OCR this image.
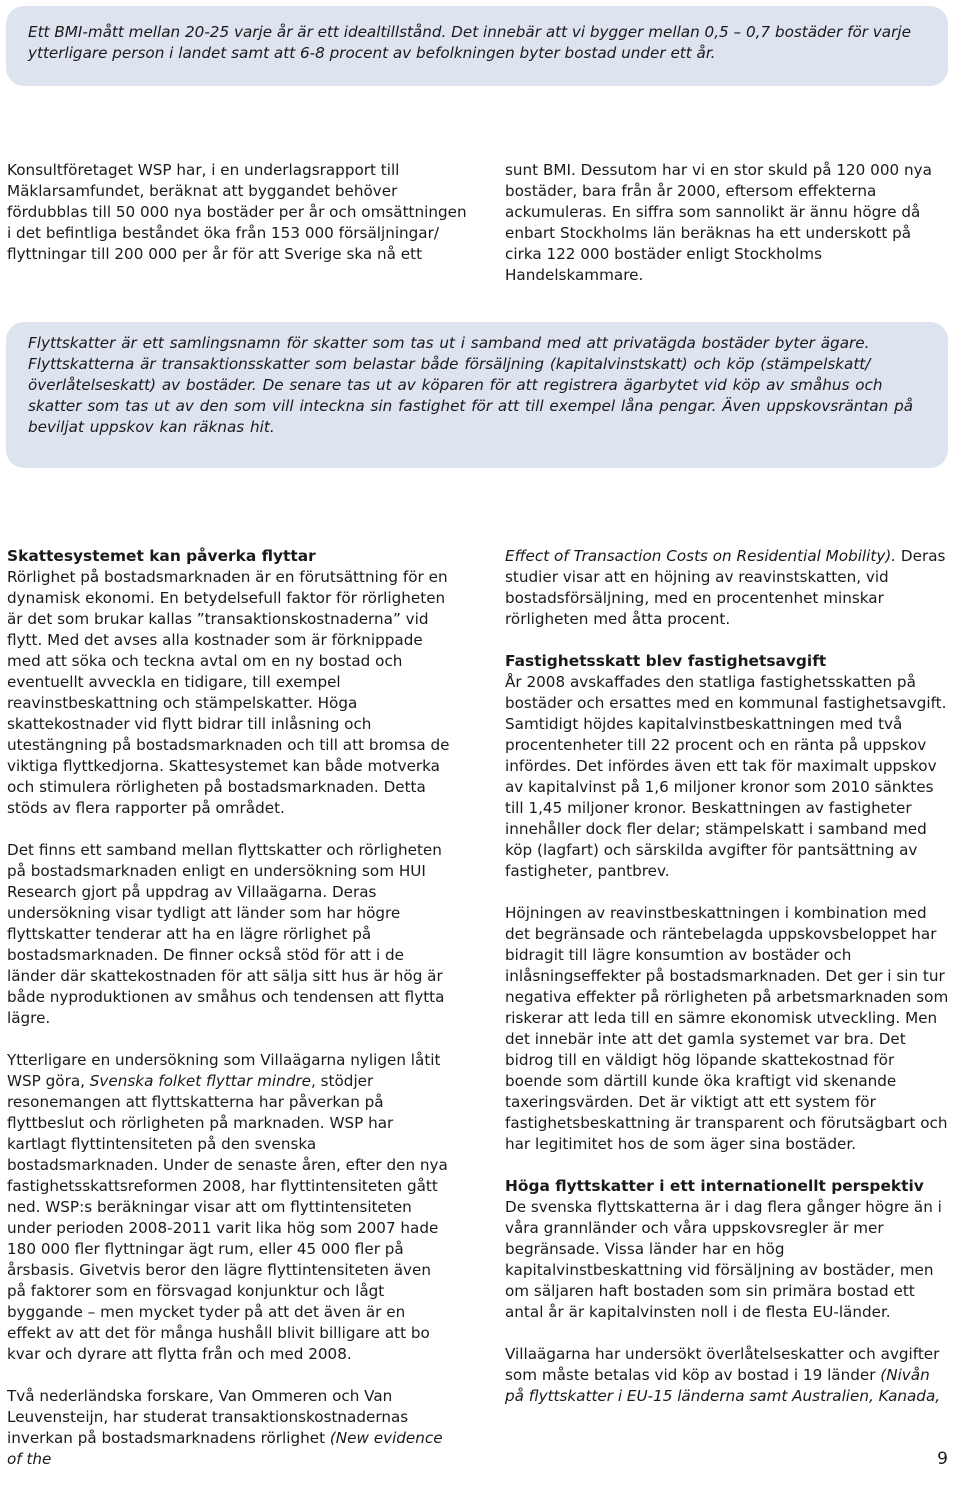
Ett BMI-mått mellan 20-25 varje år är ett idealtillstånd. Det innebär att vi bygger mellan 0,5 – 0,7 bostäder för varje ytterligare person i landet samt att 6-8 procent av befolkningen byter bostad under ett år.

Konsultföretaget WSP har, i en underlagsrapport till Mäklarsamfundet, beräknat att byggandet behöver fördubblas till 50 000 nya bostäder per år och omsättningen i det befintliga beståndet öka från 153 000 försäljningar/ flyttningar till 200 000 per år för att Sverige ska nå ett

sunt BMI. Dessutom har vi en stor skuld på 120 000 nya bostäder, bara från år 2000, eftersom effekterna ackumuleras. En siffra som sannolikt är ännu högre då enbart Stockholms län beräknas ha ett underskott på cirka 122 000 bostäder enligt Stockholms Handelskammare.

Flyttskatter är ett samlingsnamn för skatter som tas ut i samband med att privatägda bostäder byter ägare. Flyttskatterna är transaktionsskatter som belastar både försäljning (kapitalvinstskatt) och köp (stämpelskatt/överlåtelseskatt) av bostäder. De senare tas ut av köparen för att registrera ägarbytet vid köp av småhus och skatter som tas ut av den som vill inteckna sin fastighet för att till exempel låna pengar. Även uppskovsräntan på beviljat uppskov kan räknas hit.

Skattesystemet kan påverka flyttar

Rörlighet på bostadsmarknaden är en förutsättning för en dynamisk ekonomi. En betydelsefull faktor för rörligheten är det som brukar kallas ”transaktionskostnaderna” vid flytt. Med det avses alla kostnader som är förknippade med att söka och teckna avtal om en ny bostad och eventuellt avveckla en tidigare, till exempel reavinstbeskattning och stämpelskatter. Höga skattekostnader vid flytt bidrar till inlåsning och utestängning på bostadsmarknaden och till att bromsa de viktiga flyttkedjorna. Skattesystemet kan både motverka och stimulera rörligheten på bostadsmarknaden. Detta stöds av flera rapporter på området.

Det finns ett samband mellan flyttskatter och rörligheten på bostadsmarknaden enligt en undersökning som HUI Research gjort på uppdrag av Villaägarna. Deras undersökning visar tydligt att länder som har högre flyttskatter tenderar att ha en lägre rörlighet på bostadsmarknaden. De finner också stöd för att i de länder där skattekostnaden för att sälja sitt hus är hög är både nyproduktionen av småhus och tendensen att flytta lägre.

Ytterligare en undersökning som Villaägarna nyligen låtit WSP göra, Svenska folket flyttar mindre, stödjer resonemangen att flyttskatterna har påverkan på flyttbeslut och rörligheten på marknaden. WSP har kartlagt flyttintensiteten på den svenska bostadsmarknaden. Under de senaste åren, efter den nya fastighetsskattsreformen 2008, har flyttintensiteten gått ned. WSP:s beräkningar visar att om flyttintensiteten under perioden 2008-2011 varit lika hög som 2007 hade 180 000 fler flyttningar ägt rum, eller 45 000 fler på årsbasis. Givetvis beror den lägre flyttintensiteten även på faktorer som en försvagad konjunktur och lågt byggande – men mycket tyder på att det även är en effekt av att det för många hushåll blivit billigare att bo kvar och dyrare att flytta från och med 2008.

Två nederländska forskare, Van Ommeren och Van Leuvensteijn, har studerat transaktionskostnadernas inverkan på bostadsmarknadens rörlighet (New evidence of the

Effect of Transaction Costs on Residential Mobility). Deras studier visar att en höjning av reavinstskatten, vid bostadsförsäljning, med en procentenhet minskar rörligheten med åtta procent.

Fastighetsskatt blev fastighetsavgift

År 2008 avskaffades den statliga fastighetsskatten på bostäder och ersattes med en kommunal fastighetsavgift. Samtidigt höjdes kapitalvinstbeskattningen med två procentenheter till 22 procent och en ränta på uppskov infördes. Det infördes även ett tak för maximalt uppskov av kapitalvinst på 1,6 miljoner kronor som 2010 sänktes till 1,45 miljoner kronor. Beskattningen av fastigheter innehåller dock fler delar; stämpelskatt i samband med köp (lagfart) och särskilda avgifter för pantsättning av fastigheter, pantbrev.

Höjningen av reavinstbeskattningen i kombination med det begränsade och räntebelagda uppskovsbeloppet har bidragit till lägre konsumtion av bostäder och inlåsningseffekter på bostadsmarknaden. Det ger i sin tur negativa effekter på rörligheten på arbetsmarknaden som riskerar att leda till en sämre ekonomisk utveckling. Men det innebär inte att det gamla systemet var bra. Det bidrog till en väldigt hög löpande skattekostnad för boende som därtill kunde öka kraftigt vid skenande taxeringsvärden. Det är viktigt att ett system för fastighetsbeskattning är transparent och förutsägbart och har legitimitet hos de som äger sina bostäder.

Höga flyttskatter i ett internationellt perspektiv

De svenska flyttskatterna är i dag flera gånger högre än i våra grannländer och våra uppskovsregler är mer begränsade. Vissa länder har en hög kapitalvinstbeskattning vid försäljning av bostäder, men om säljaren haft bostaden som sin primära bostad ett antal år är kapitalvinsten noll i de flesta EU-länder.

Villaägarna har undersökt överlåtelseskatter och avgifter som måste betalas vid köp av bostad i 19 länder (Nivån på flyttskatter i EU-15 länderna samt Australien, Kanada,

9
